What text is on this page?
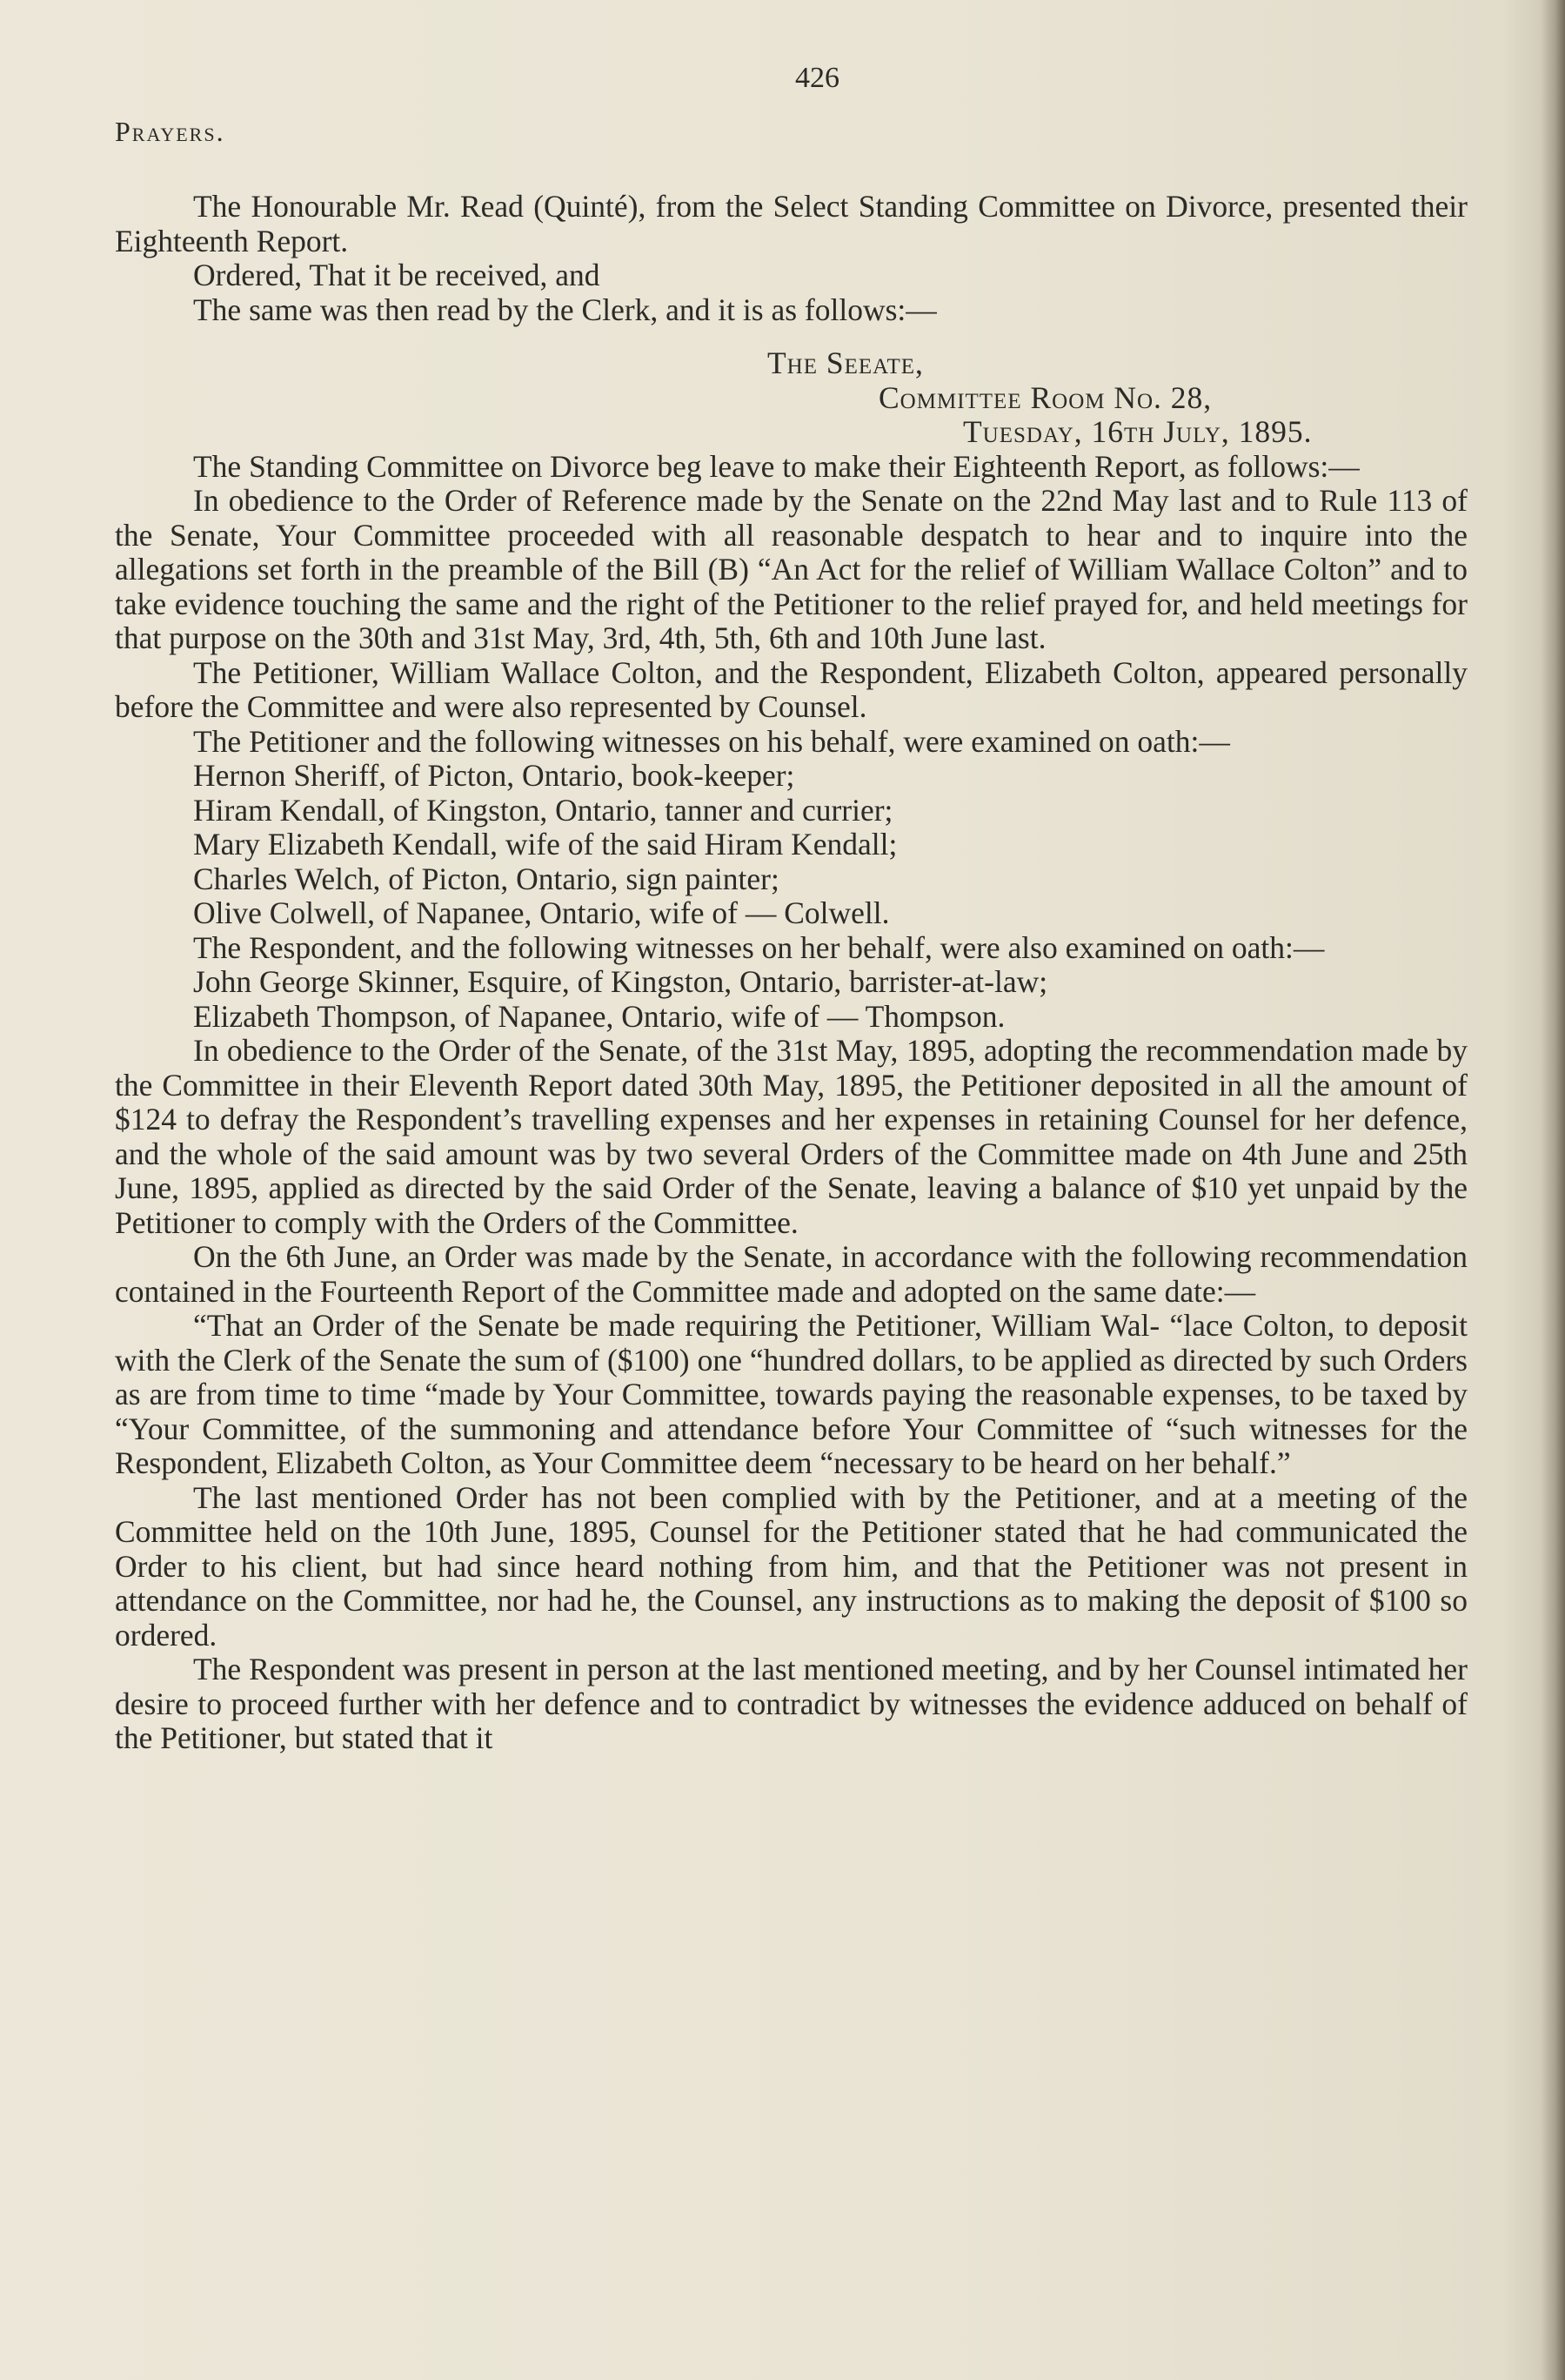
426
Prayers.

The Honourable Mr. Read (Quinté), from the Select Standing Committee on Divorce, presented their Eighteenth Report.

Ordered, That it be received, and

The same was then read by the Clerk, and it is as follows:—

The Seeate,
Committee Room No. 28,
Tuesday, 16th July, 1895.

The Standing Committee on Divorce beg leave to make their Eighteenth Report, as follows:—

In obedience to the Order of Reference made by the Senate on the 22nd May last and to Rule 113 of the Senate, Your Committee proceeded with all reasonable despatch to hear and to inquire into the allegations set forth in the preamble of the Bill (B) “An Act for the relief of William Wallace Colton” and to take evidence touching the same and the right of the Petitioner to the relief prayed for, and held meetings for that purpose on the 30th and 31st May, 3rd, 4th, 5th, 6th and 10th June last.

The Petitioner, William Wallace Colton, and the Respondent, Elizabeth Colton, appeared personally before the Committee and were also represented by Counsel.

The Petitioner and the following witnesses on his behalf, were examined on oath:—

Hernon Sheriff, of Picton, Ontario, book-keeper;

Hiram Kendall, of Kingston, Ontario, tanner and currier;

Mary Elizabeth Kendall, wife of the said Hiram Kendall;

Charles Welch, of Picton, Ontario, sign painter;

Olive Colwell, of Napanee, Ontario, wife of — Colwell.

The Respondent, and the following witnesses on her behalf, were also examined on oath:—

John George Skinner, Esquire, of Kingston, Ontario, barrister-at-law;

Elizabeth Thompson, of Napanee, Ontario, wife of — Thompson.

In obedience to the Order of the Senate, of the 31st May, 1895, adopting the recommendation made by the Committee in their Eleventh Report dated 30th May, 1895, the Petitioner deposited in all the amount of $124 to defray the Respondent’s travelling expenses and her expenses in retaining Counsel for her defence, and the whole of the said amount was by two several Orders of the Committee made on 4th June and 25th June, 1895, applied as directed by the said Order of the Senate, leaving a balance of $10 yet unpaid by the Petitioner to comply with the Orders of the Committee.

On the 6th June, an Order was made by the Senate, in accordance with the following recommendation contained in the Fourteenth Report of the Committee made and adopted on the same date:—

“That an Order of the Senate be made requiring the Petitioner, William Wal- “lace Colton, to deposit with the Clerk of the Senate the sum of ($100) one “hundred dollars, to be applied as directed by such Orders as are from time to time “made by Your Committee, towards paying the reasonable expenses, to be taxed by “Your Committee, of the summoning and attendance before Your Committee of “such witnesses for the Respondent, Elizabeth Colton, as Your Committee deem “necessary to be heard on her behalf.”

The last mentioned Order has not been complied with by the Petitioner, and at a meeting of the Committee held on the 10th June, 1895, Counsel for the Petitioner stated that he had communicated the Order to his client, but had since heard nothing from him, and that the Petitioner was not present in attendance on the Committee, nor had he, the Counsel, any instructions as to making the deposit of $100 so ordered.

The Respondent was present in person at the last mentioned meeting, and by her Counsel intimated her desire to proceed further with her defence and to contradict by witnesses the evidence adduced on behalf of the Petitioner, but stated that it
